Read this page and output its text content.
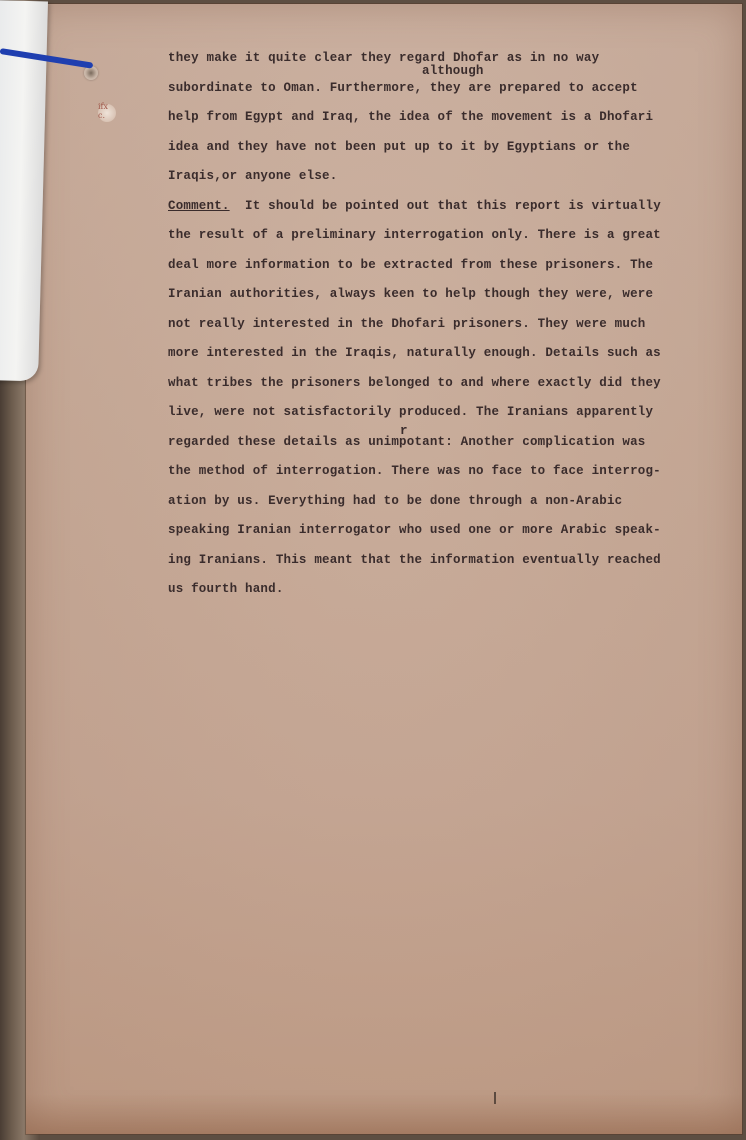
ifx
c.
they make it quite clear they regard Dhofar as in no way
although
subordinate to Oman. Furthermore, they are prepared to accept
help from Egypt and Iraq, the idea of the movement is a Dhofari
idea and they have not been put up to it by Egyptians or the
Iraqis,or anyone else.
Comment.  It should be pointed out that this report is virtually
the result of a preliminary interrogation only. There is a great
deal more information to be extracted from these prisoners. The
Iranian authorities, always keen to help though they were, were
not really interested in the Dhofari prisoners. They were much
more interested in the Iraqis, naturally enough. Details such as
what tribes the prisoners belonged to and where exactly did they
live, were not satisfactorily produced. The Iranians apparently
r
regarded these details as unimpotant: Another complication was
the method of interrogation. There was no face to face interrog-
ation by us. Everything had to be done through a non-Arabic
speaking Iranian interrogator who used one or more Arabic speak-
ing Iranians. This meant that the information eventually reached
us fourth hand.
